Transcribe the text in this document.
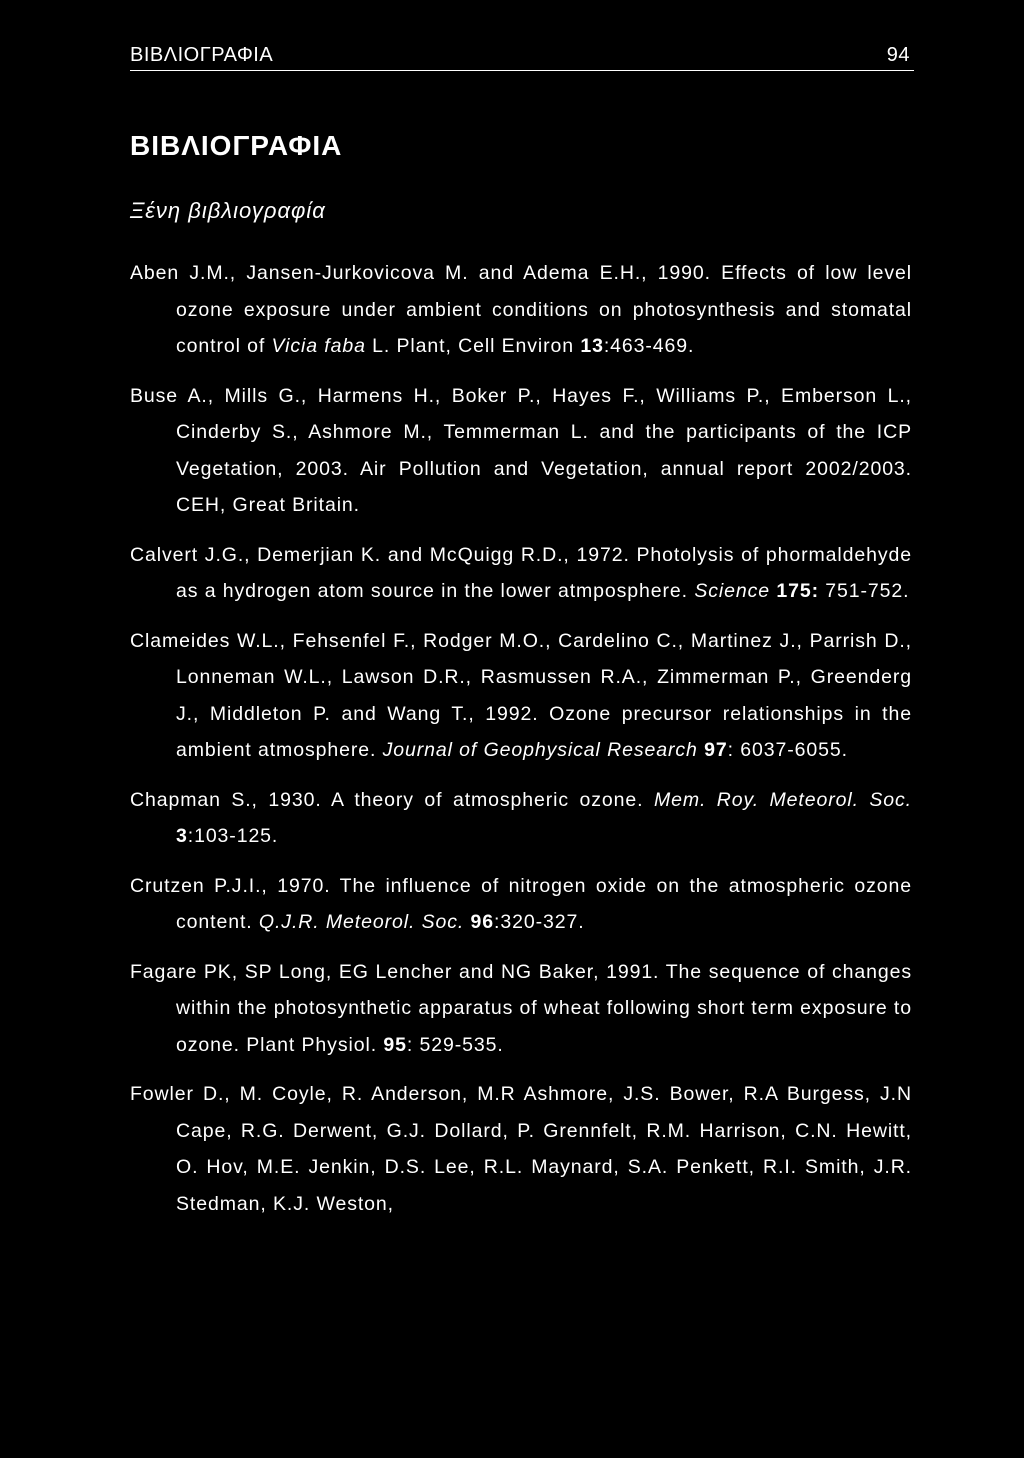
ΒΙΒΛΙΟΓΡΑΦΙΑ	94
ΒΙΒΛΙΟΓΡΑΦΙΑ
Ξένη βιβλιογραφία

Aben J.M., Jansen-Jurkovicova M. and Adema E.H., 1990. Effects of low level ozone exposure under ambient conditions on photosynthesis and stomatal control of Vicia faba L. Plant, Cell Environ 13:463-469.

Buse A., Mills G., Harmens H., Boker P., Hayes F., Williams P., Emberson L., Cinderby S., Ashmore M., Temmerman L. and the participants of the ICP Vegetation, 2003. Air Pollution and Vegetation, annual report 2002/2003. CEH, Great Britain.

Calvert J.G., Demerjian K. and McQuigg R.D., 1972. Photolysis of phormaldehyde as a hydrogen atom source in the lower atmposphere. Science 175: 751-752.

Clameides W.L., Fehsenfel F., Rodger M.O., Cardelino C., Martinez J., Parrish D., Lonneman W.L., Lawson D.R., Rasmussen R.A., Zimmerman P., Greenderg J., Middleton P. and Wang T., 1992. Ozone precursor relationships in the ambient atmosphere. Journal of Geophysical Research 97: 6037-6055.

Chapman S., 1930. A theory of atmospheric ozone. Mem. Roy. Meteorol. Soc. 3:103-125.

Crutzen P.J.I., 1970. The influence of nitrogen oxide on the atmospheric ozone content. Q.J.R. Meteorol. Soc. 96:320-327.

Fagare PK, SP Long, EG Lencher and NG Baker, 1991. The sequence of changes within the photosynthetic apparatus of wheat following short term exposure to ozone. Plant Physiol. 95: 529-535.

Fowler D., M. Coyle, R. Anderson, M.R Ashmore, J.S. Bower, R.A Burgess, J.N Cape, R.G. Derwent, G.J. Dollard, P. Grennfelt, R.M. Harrison, C.N. Hewitt, O. Hov, M.E. Jenkin, D.S. Lee, R.L. Maynard, S.A. Penkett, R.I. Smith, J.R. Stedman, K.J. Weston,
